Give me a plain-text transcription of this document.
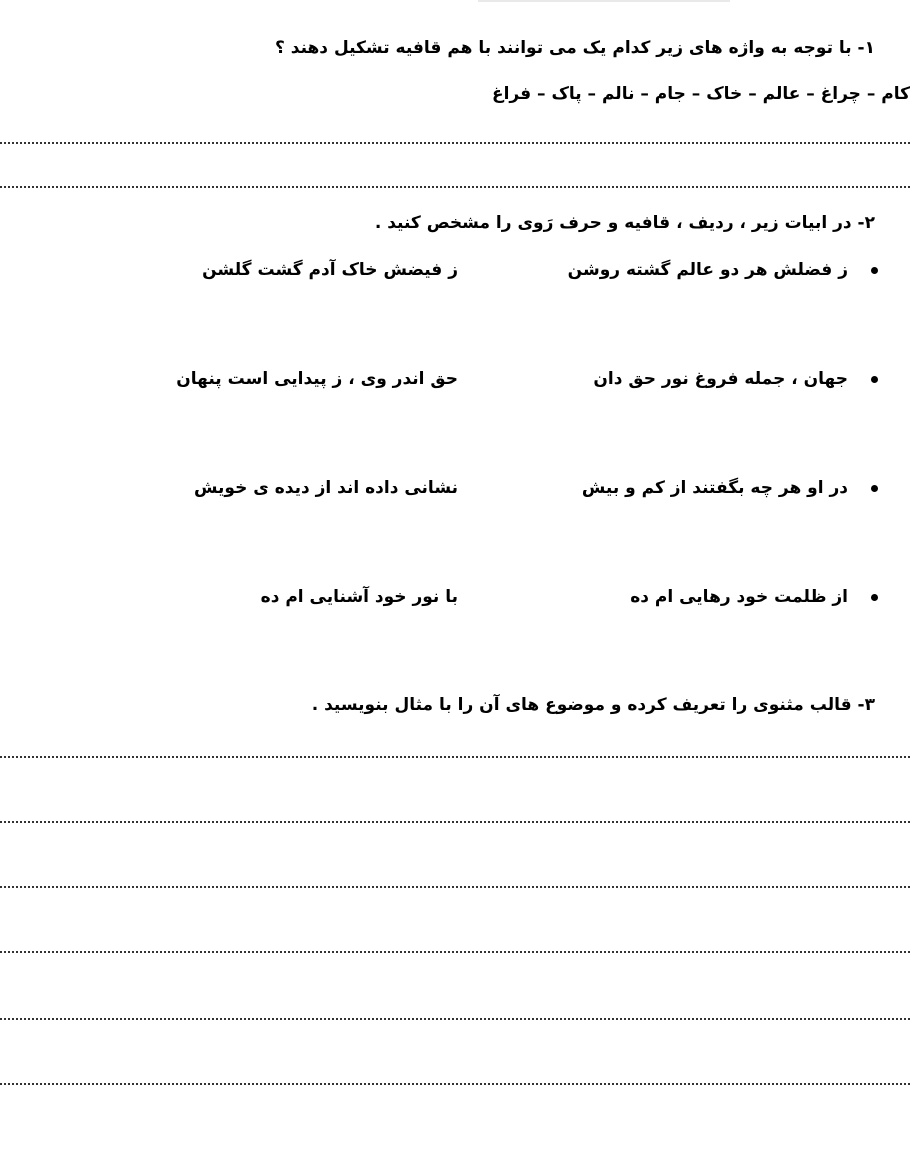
۱- با توجه به واژه های زیر کدام یک می توانند با هم قافیه تشکیل دهند ؟
کام – چراغ – عالم – خاک – جام – نالم – پاک – فراغ
۲- در ابیات زیر ، ردیف ، قافیه و حرف رَوی را مشخص کنید .
ز فضلش هر دو عالم گشته روشن
ز فیضش خاک آدم گشت گلشن
جهان ، جمله فروغ نور حق دان
حق اندر وی ، ز پیدایی است پنهان
در او هر چه بگفتند از کم و بیش
نشانی داده اند از دیده ی خویش
از ظلمت خود رهایی ام ده
با نور خود آشنایی ام ده
۳- قالب مثنوی را تعریف کرده و موضوع های آن را با مثال بنویسید .
